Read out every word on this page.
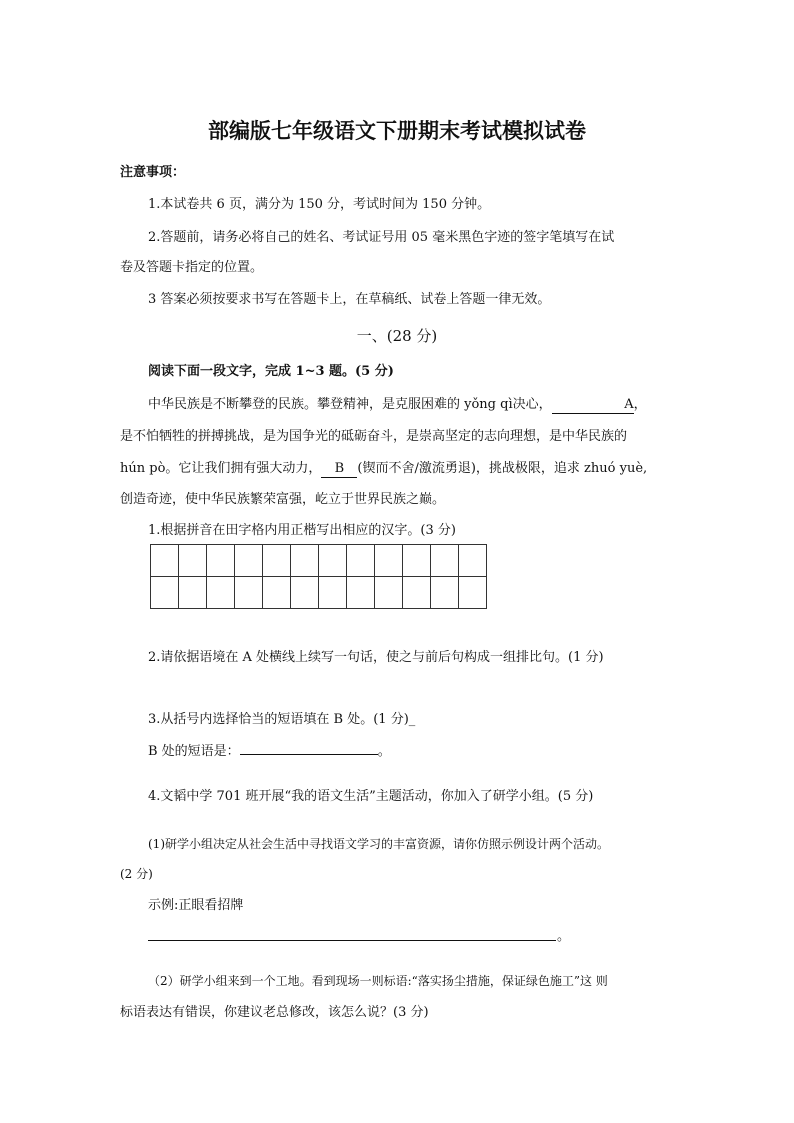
部编版七年级语文下册期末考试模拟试卷
注意事项：
1.本试卷共 6 页，满分为 150 分，考试时间为 150 分钟。
2.答题前，请务必将自己的姓名、考试证号用 05 毫米黑色字迹的签字笔填写在试
卷及答题卡指定的位置。
3 答案必须按要求书写在答题卡上，在草稿纸、试卷上答题一律无效。
一、(28 分)
阅读下面一段文字，完成 1~3 题。(5 分)
中华民族是不断攀登的民族。攀登精神，是克服困难的 yǒng qì决心，	A，
是不怕牺牲的拼搏挑战，是为国争光的砥砺奋斗，是崇高坚定的志向理想，是中华民族的
hún pò。它让我们拥有强大动力， B (锲而不舍/激流勇退)，挑战极限，追求 zhuó yuè,
创造奇迹，使中华民族繁荣富强，屹立于世界民族之巅。
1.根据拼音在田字格内用正楷写出相应的汉字。(3 分)

2.请依据语境在 A 处横线上续写一句话，使之与前后句构成一组排比句。(1 分)
3.从括号内选择恰当的短语填在 B 处。(1 分)_
B 处的短语是：	。
4.文韬中学 701 班开展“我的语文生活”主题活动，你加入了研学小组。(5 分)
(1)研学小组决定从社会生活中寻找语文学习的丰富资源，请你仿照示例设计两个活动。
(2 分)
示例:正眼看招牌
。
（2）研学小组来到一个工地。看到现场一则标语:“落实扬尘措施，保证绿色施工”这 则
标语表达有错误，你建议老总修改，该怎么说？(3 分)
